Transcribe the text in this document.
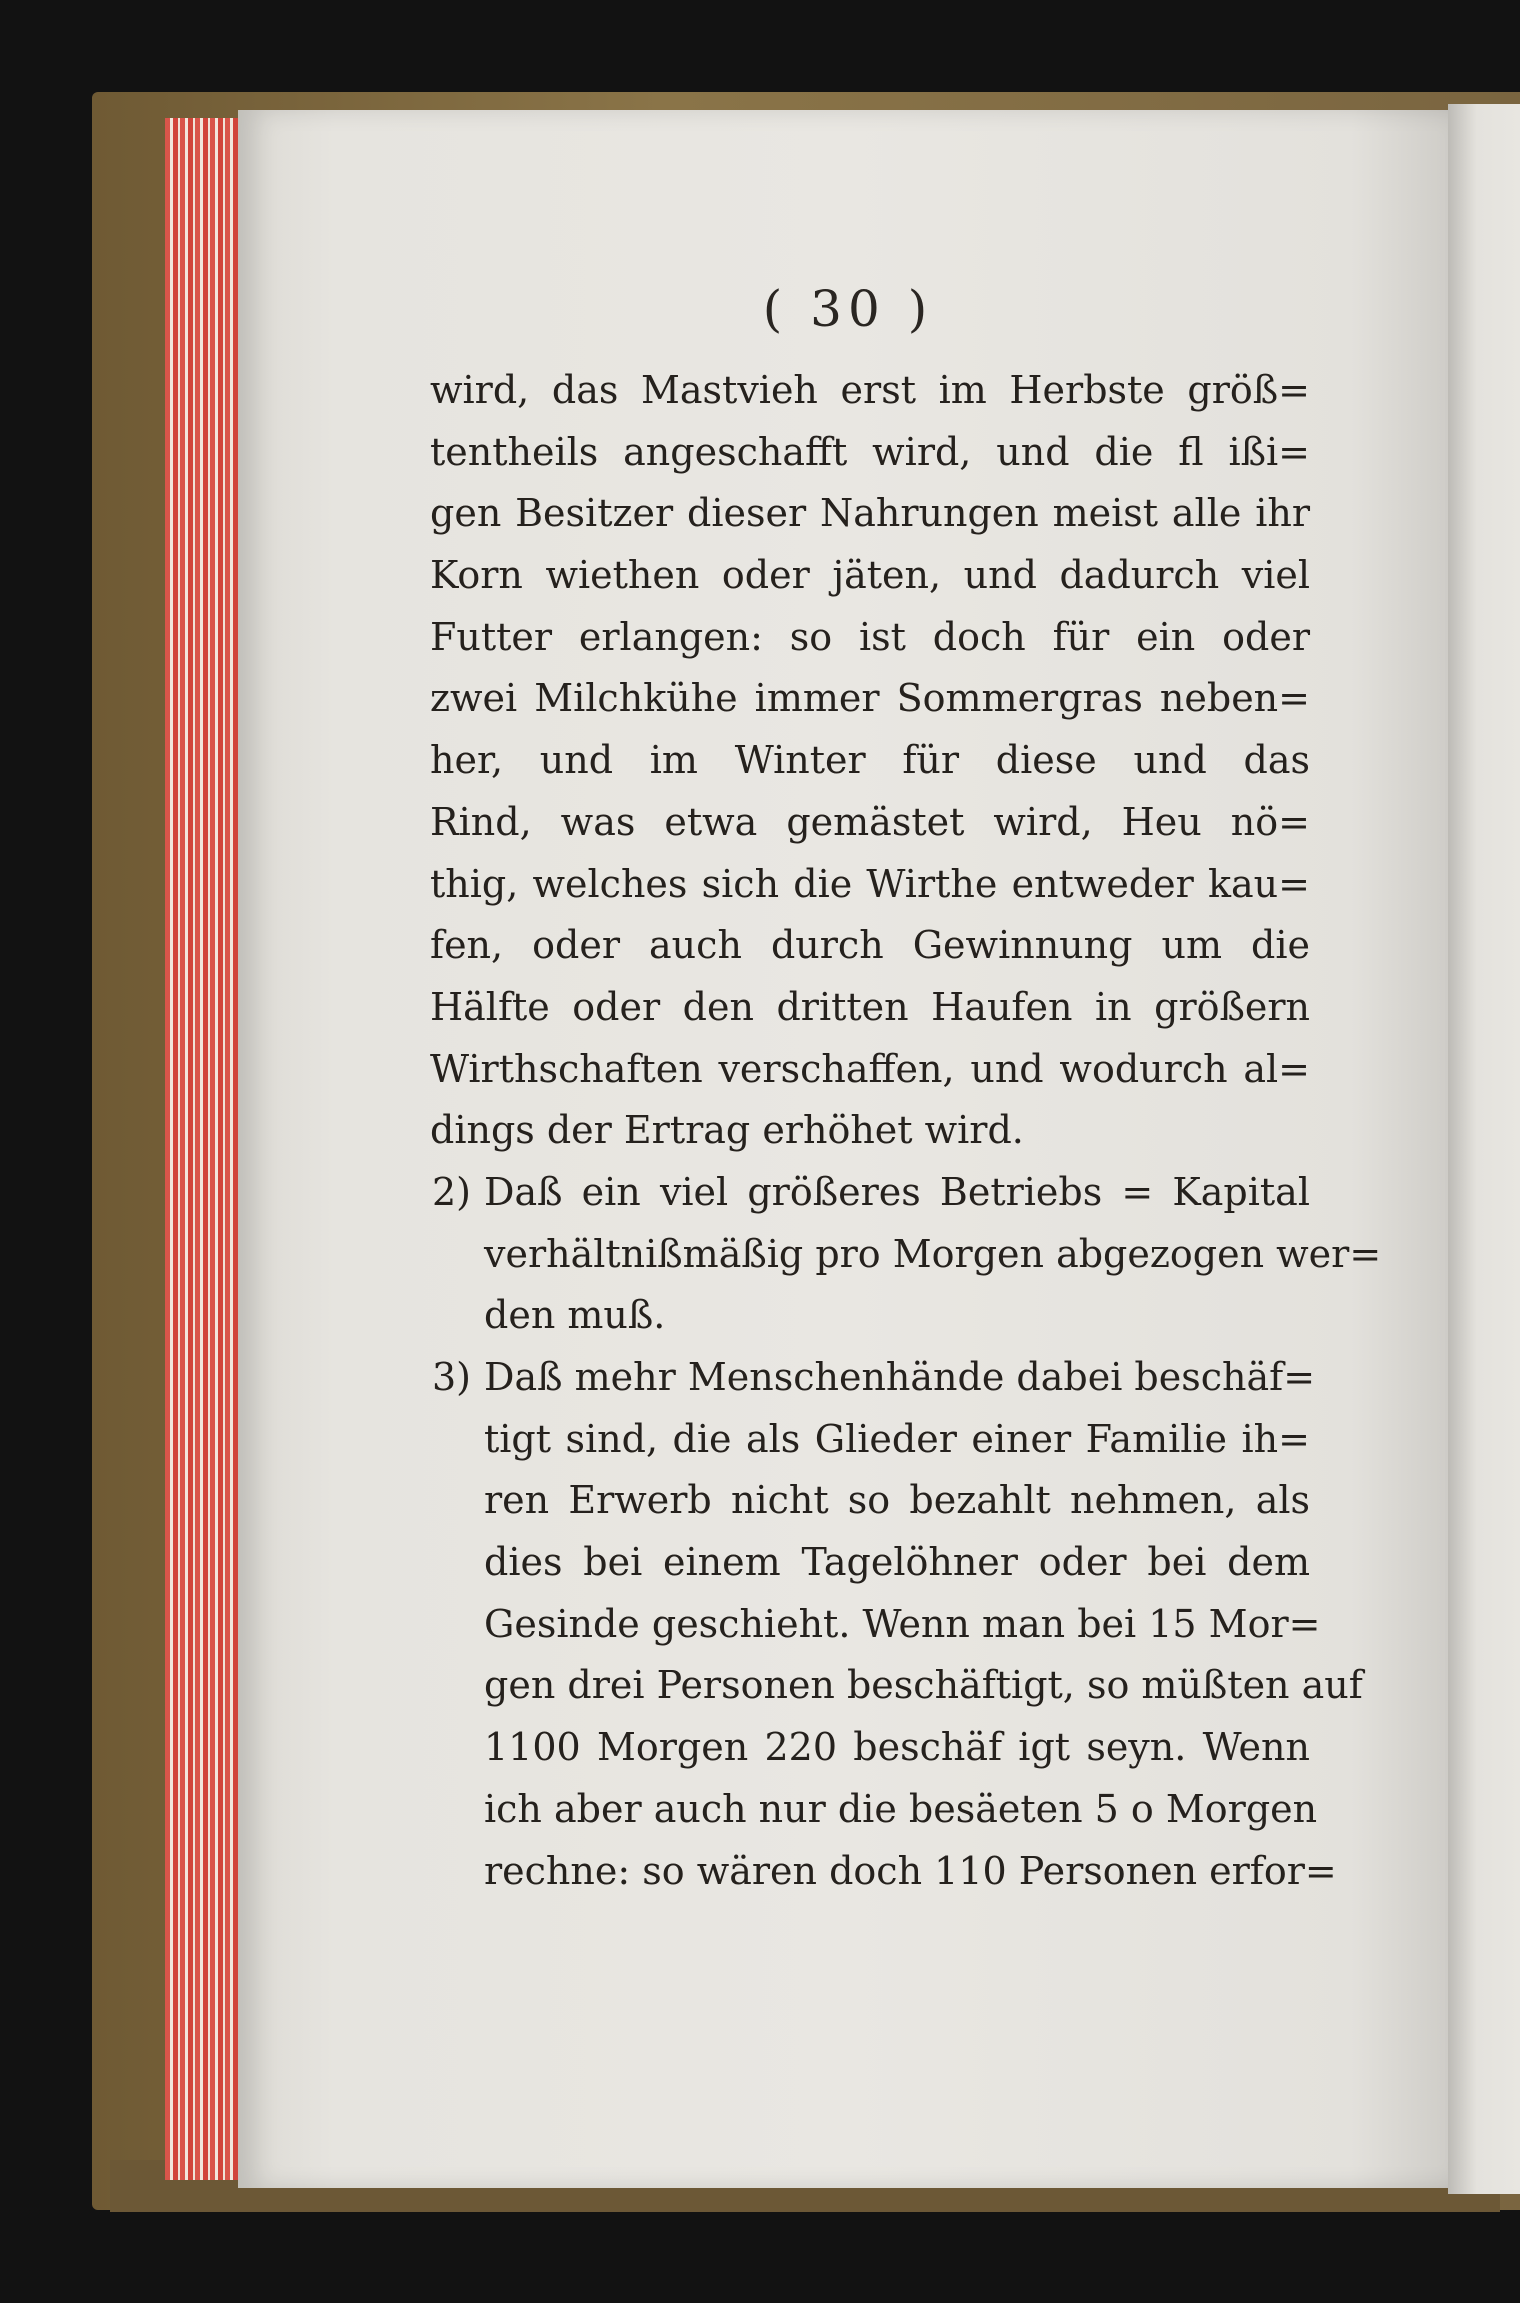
( 30 )
wird, das Mastvieh erst im Herbste größ=
tentheils angeschafft wird, und die fl ißi=
gen Besitzer dieser Nahrungen meist alle ihr
Korn wiethen oder jäten, und dadurch viel
Futter erlangen: so ist doch für ein oder
zwei Milchkühe immer Sommergras neben=
her, und im Winter für diese und das
Rind, was etwa gemästet wird, Heu nö=
thig, welches sich die Wirthe entweder kau=
fen, oder auch durch Gewinnung um die
Hälfte oder den dritten Haufen in größern
Wirthschaften verschaffen, und wodurch al=
dings der Ertrag erhöhet wird.
2) Daß ein viel größeres Betriebs = Kapital
verhältnißmäßig pro Morgen abgezogen wer=
den muß.
3) Daß mehr Menschenhände dabei beschäf=
tigt sind, die als Glieder einer Familie ih=
ren Erwerb nicht so bezahlt nehmen, als
dies bei einem Tagelöhner oder bei dem
Gesinde geschieht. Wenn man bei 15 Mor=
gen drei Personen beschäftigt, so müßten auf
1100 Morgen 220 beschäf igt seyn. Wenn
ich aber auch nur die besäeten 5 o Morgen
rechne: so wären doch 110 Personen erfor=
